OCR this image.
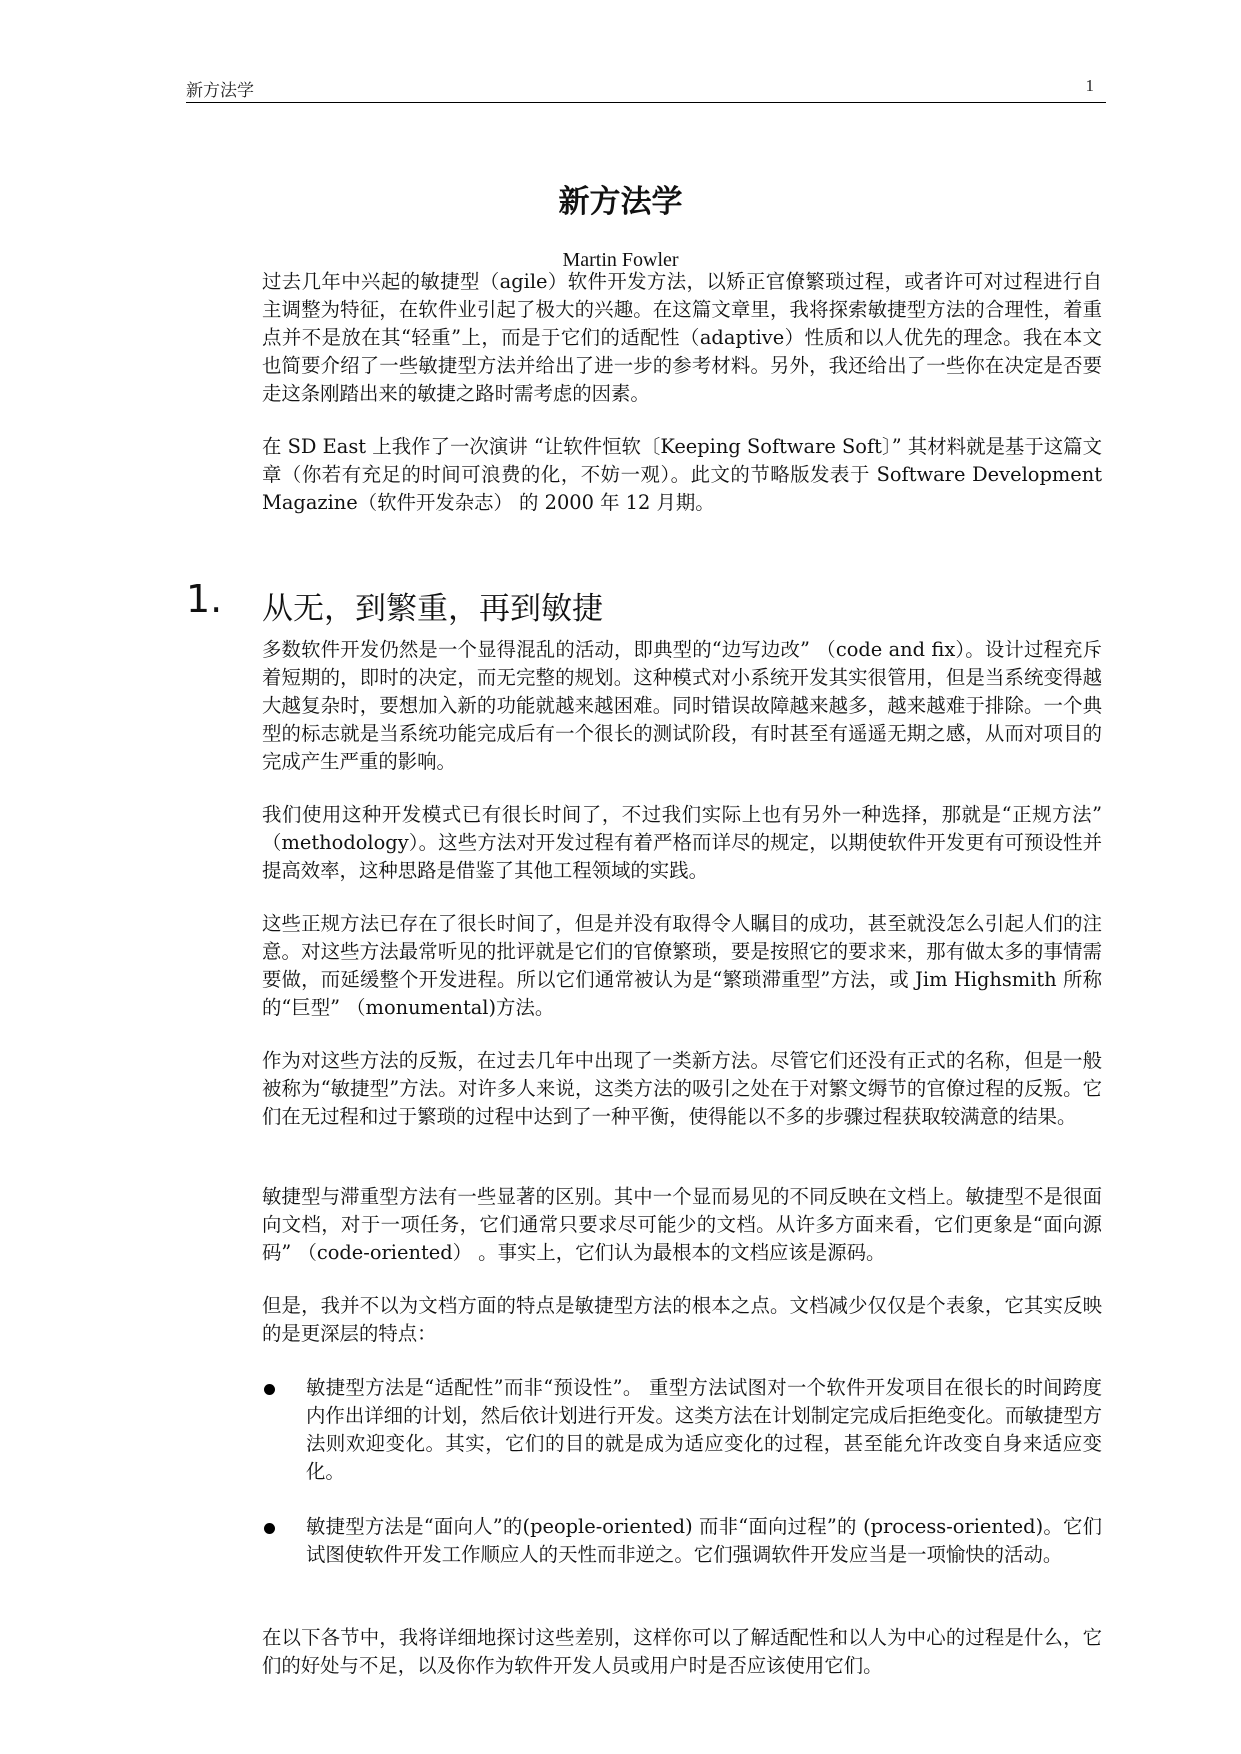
新方法学	1
新方法学
Martin Fowler

过去几年中兴起的敏捷型（agile）软件开发方法，以矫正官僚繁琐过程，或者许可对过程进行自主调整为特征，在软件业引起了极大的兴趣。在这篇文章里，我将探索敏捷型方法的合理性，着重点并不是放在其“轻重”上，而是于它们的适配性（adaptive）性质和以人优先的理念。我在本文也简要介绍了一些敏捷型方法并给出了进一步的参考材料。另外，我还给出了一些你在决定是否要走这条刚踏出来的敏捷之路时需考虑的因素。

在 SD East 上我作了一次演讲 “让软件恒软〔Keeping Software Soft〕” 其材料就是基于这篇文章（你若有充足的时间可浪费的化，不妨一观）。此文的节略版发表于 Software Development Magazine（软件开发杂志） 的 2000 年 12 月期。

1. 从无，到繁重，再到敏捷

多数软件开发仍然是一个显得混乱的活动，即典型的“边写边改” （code and fix）。设计过程充斥着短期的，即时的决定，而无完整的规划。这种模式对小系统开发其实很管用，但是当系统变得越大越复杂时，要想加入新的功能就越来越困难。同时错误故障越来越多，越来越难于排除。一个典型的标志就是当系统功能完成后有一个很长的测试阶段，有时甚至有遥遥无期之感，从而对项目的完成产生严重的影响。

我们使用这种开发模式已有很长时间了，不过我们实际上也有另外一种选择，那就是“正规方法” （methodology）。这些方法对开发过程有着严格而详尽的规定，以期使软件开发更有可预设性并提高效率，这种思路是借鉴了其他工程领域的实践。

这些正规方法已存在了很长时间了，但是并没有取得令人瞩目的成功，甚至就没怎么引起人们的注意。对这些方法最常听见的批评就是它们的官僚繁琐，要是按照它的要求来，那有做太多的事情需要做，而延缓整个开发进程。所以它们通常被认为是“繁琐滞重型”方法，或 Jim Highsmith 所称的“巨型” （monumental)方法。

作为对这些方法的反叛，在过去几年中出现了一类新方法。尽管它们还没有正式的名称，但是一般被称为“敏捷型”方法。对许多人来说，这类方法的吸引之处在于对繁文缛节的官僚过程的反叛。它们在无过程和过于繁琐的过程中达到了一种平衡，使得能以不多的步骤过程获取较满意的结果。

敏捷型与滞重型方法有一些显著的区别。其中一个显而易见的不同反映在文档上。敏捷型不是很面向文档，对于一项任务，它们通常只要求尽可能少的文档。从许多方面来看，它们更象是“面向源码” （code-oriented） 。事实上，它们认为最根本的文档应该是源码。

但是，我并不以为文档方面的特点是敏捷型方法的根本之点。文档减少仅仅是个表象，它其实反映的是更深层的特点：

敏捷型方法是“适配性”而非“预设性”。 重型方法试图对一个软件开发项目在很长的时间跨度内作出详细的计划，然后依计划进行开发。这类方法在计划制定完成后拒绝变化。而敏捷型方法则欢迎变化。其实，它们的目的就是成为适应变化的过程，甚至能允许改变自身来适应变化。
敏捷型方法是“面向人”的(people-oriented) 而非“面向过程”的 (process-oriented)。它们试图使软件开发工作顺应人的天性而非逆之。它们强调软件开发应当是一项愉快的活动。

在以下各节中，我将详细地探讨这些差别，这样你可以了解适配性和以人为中心的过程是什么，它们的好处与不足，以及你作为软件开发人员或用户时是否应该使用它们。
